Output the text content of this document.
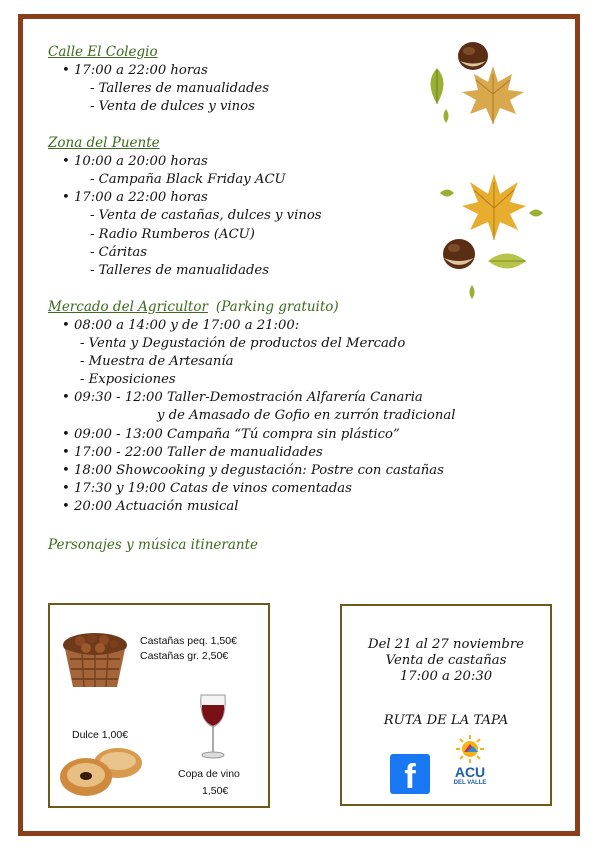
Calle El Colegio
• 17:00 a 22:00 horas
- Talleres de manualidades
- Venta de dulces y vinos
Zona del Puente
• 10:00 a 20:00 horas
- Campaña Black Friday ACU
• 17:00 a 22:00 horas
- Venta de castañas, dulces y vinos
- Radio Rumberos (ACU)
- Cáritas
- Talleres de manualidades
Mercado del Agricultor (Parking gratuito)
• 08:00 a 14:00 y de 17:00 a 21:00:
- Venta y Degustación de productos del Mercado
- Muestra de Artesanía
- Exposiciones
• 09:30 - 12:00 Taller-Demostración Alfarería Canaria
y de Amasado de Gofio en zurrón tradicional
• 09:00 - 13:00 Campaña “Tú compra sin plástico”
• 17:00 - 22:00 Taller de manualidades
• 18:00 Showcooking y degustación: Postre con castañas
• 17:30 y 19:00 Catas de vinos comentadas
• 20:00 Actuación musical
Personajes y música itinerante
Castañas peq. 1,50€
Castañas gr. 2,50€
Dulce 1,00€
Copa de vino
1,50€
Del 21 al 27 noviembre
Venta de castañas
17:00 a 20:30
RUTA DE LA TAPA
f	ACU
DEL VALLE
